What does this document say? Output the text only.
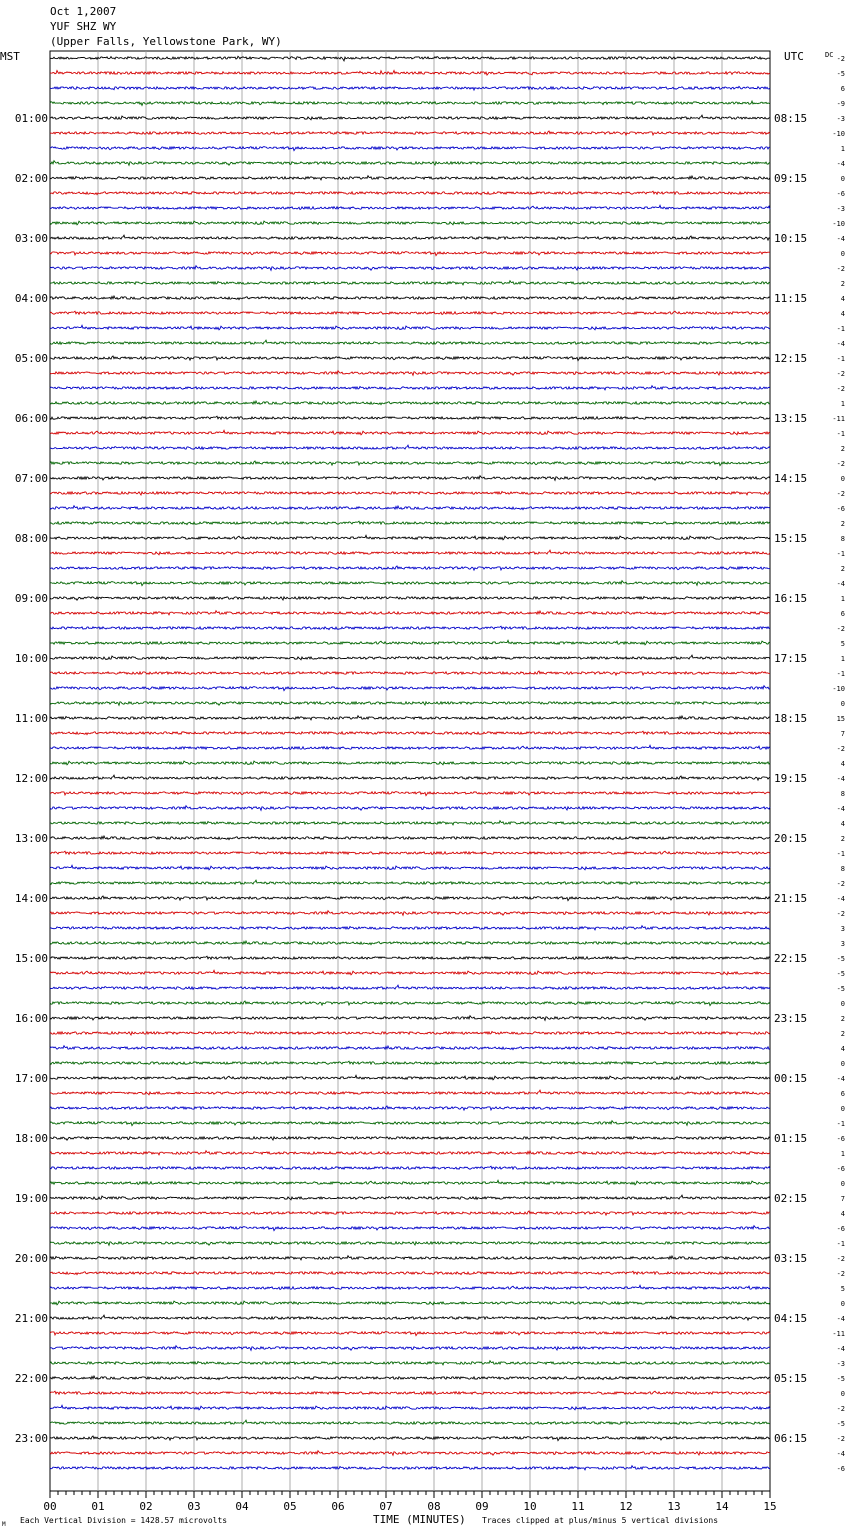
Oct 1,2007
YUF SHZ WY
(Upper Falls, Yellowstone Park, WY)
-2
-5
6
-9
-3
-10
1
-4
0
-6
-3
-10
-4
0
-2
2
4
4
-1
-4
-1
-2
-2
1
-11
-1
2
-2
0
-2
-6
2
8
-1
2
-4
1
6
-2
5
1
-1
-10
0
15
7
-2
4
-4
8
-4
4
2
-1
8
-2
-4
-2
3
3
-5
-5
-5
0
2
2
4
0
-4
6
0
-1
-6
1
-6
0
7
4
-6
-1
-2
-2
5
0
-4
-11
-4
-3
-5
0
-2
-5
-2
-4
-6
01:00	08:15
02:00	09:15
03:00	10:15
04:00	11:15
05:00	12:15
06:00	13:15
07:00	14:15
08:00	15:15
09:00	16:15
10:00	17:15
11:00	18:15
12:00	19:15
13:00	20:15
14:00	21:15
15:00	22:15
16:00	23:15
17:00	00:15
18:00	01:15
19:00	02:15
20:00	03:15
21:00	04:15
22:00	05:15
23:00	06:15
MST	UTC	DC
00	01	02	03	04	05	06	07	08	09	10	11	12	13	14	15
M Each Vertical Division = 1428.57 microvolts	TIME (MINUTES) Traces clipped at plus/minus 5 vertical divisions
